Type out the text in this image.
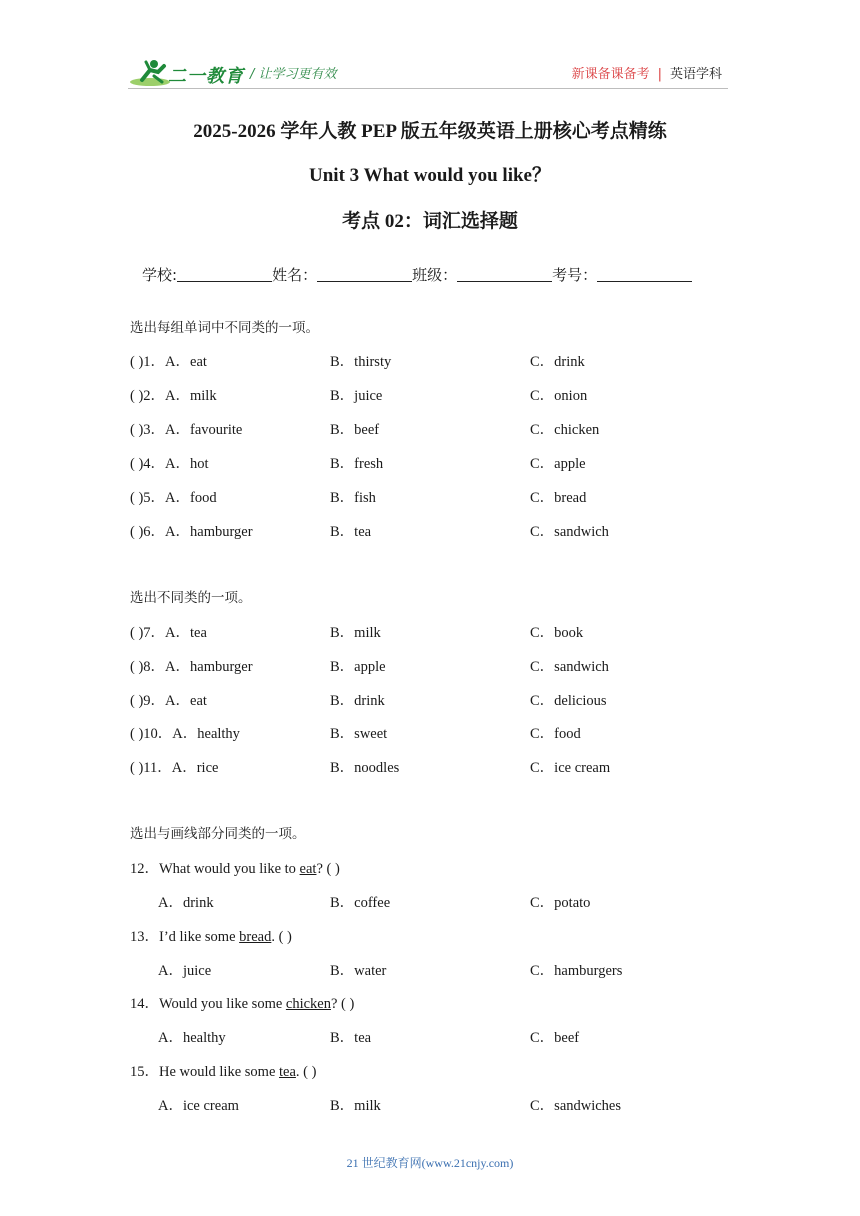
二一教育 / 让学习更有效	新课备课备考 | 英语学科
2025-2026 学年人教 PEP 版五年级英语上册核心考点精练
Unit 3 What would you like？
考点 02：词汇选择题
学校:	姓名：	班级：	考号：
选出每组单词中不同类的一项。
( )1．A．eat	B．thirsty	C．drink
( )2．A．milk	B．juice	C．onion
( )3．A．favourite	B．beef	C．chicken
( )4．A．hot	B．fresh	C．apple
( )5．A．food	B．fish	C．bread
( )6．A．hamburger	B．tea	C．sandwich
选出不同类的一项。
( )7．A．tea	B．milk	C．book
( )8．A．hamburger	B．apple	C．sandwich
( )9．A．eat	B．drink	C．delicious
( )10．A．healthy	B．sweet	C．food
( )11．A．rice	B．noodles	C．ice cream
选出与画线部分同类的一项。
12．What would you like to eat? ( )
A．drink	B．coffee	C．potato
13．I’d like some bread. ( )
A．juice	B．water	C．hamburgers
14．Would you like some chicken? ( )
A．healthy	B．tea	C．beef
15．He would like some tea. ( )
A．ice cream	B．milk	C．sandwiches
21 世纪教育网(www.21cnjy.com)
